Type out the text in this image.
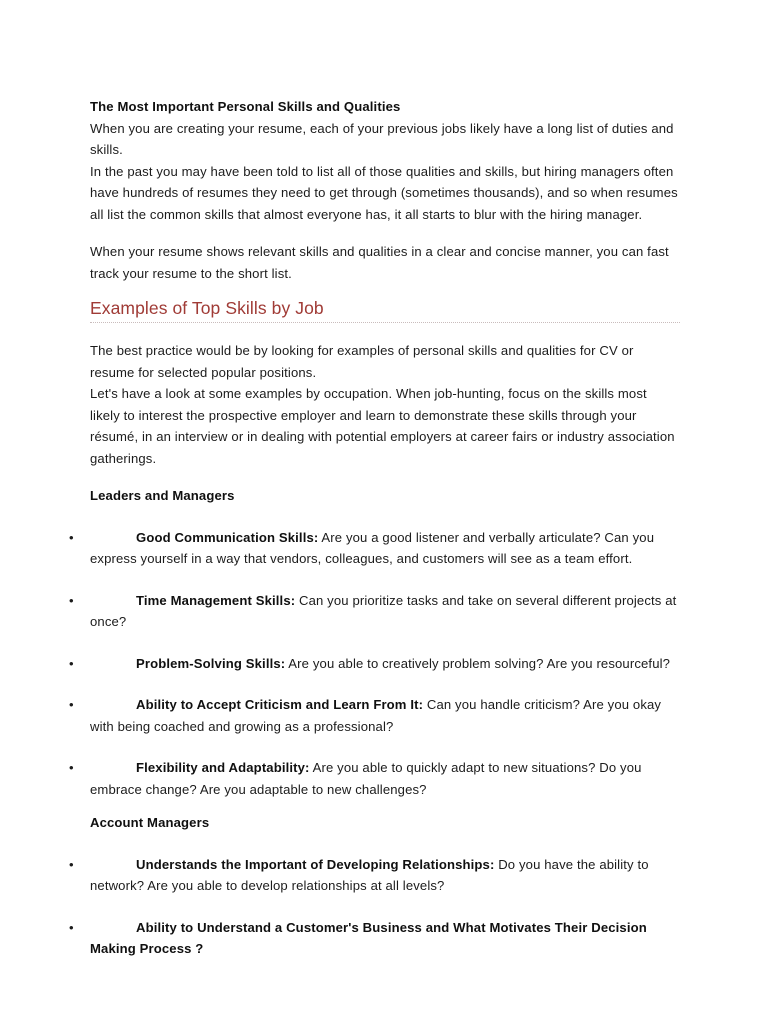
The Most Important Personal Skills and Qualities

When you are creating your resume, each of your previous jobs likely have a long list of duties and skills.

In the past you may have been told to list all of those qualities and skills, but hiring managers often have hundreds of resumes they need to get through (sometimes thousands), and so when resumes all list the common skills that almost everyone has, it all starts to blur with the hiring manager.

When your resume shows relevant skills and qualities in a clear and concise manner, you can fast track your resume to the short list.

Examples of Top Skills by Job

The best practice would be by looking for examples of personal skills and qualities for CV or resume for selected popular positions.

Let's have a look at some examples by occupation. When job-hunting, focus on the skills most likely to interest the prospective employer and learn to demonstrate these skills through your résumé, in an interview or in dealing with potential employers at career fairs or industry association gatherings.

Leaders and Managers
•	Good Communication Skills: Are you a good listener and verbally articulate? Can you express yourself in a way that vendors, colleagues, and customers will see as a team effort.
•	Time Management Skills: Can you prioritize tasks and take on several different projects at once?
•	Problem-Solving Skills: Are you able to creatively problem solving? Are you resourceful?
•	Ability to Accept Criticism and Learn From It: Can you handle criticism? Are you okay with being coached and growing as a professional?
•	Flexibility and Adaptability: Are you able to quickly adapt to new situations? Do you embrace change? Are you adaptable to new challenges?
Account Managers
•	Understands the Important of Developing Relationships: Do you have the ability to network? Are you able to develop relationships at all levels?
•	Ability to Understand a Customer's Business and What Motivates Their Decision Making Process ?
